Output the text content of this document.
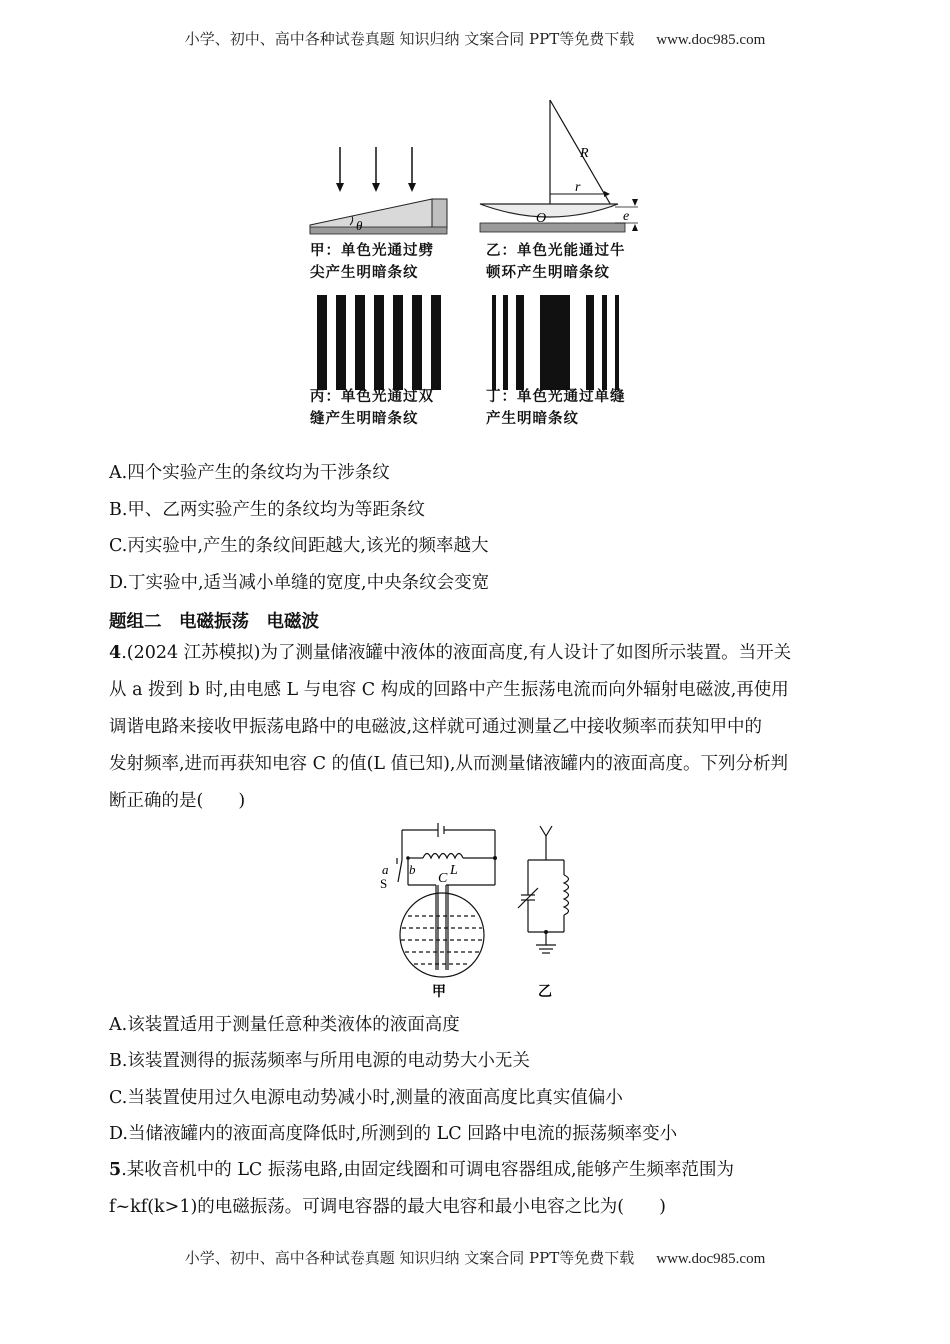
小学、初中、高中各种试卷真题 知识归纳 文案合同 PPT等免费下载 www.doc985.com
θ
R
r
O	e
甲：单色光通过劈
尖产生明暗条纹
乙：单色光能通过牛
顿环产生明暗条纹
丙：单色光通过双
缝产生明暗条纹
丁：单色光通过单缝
产生明暗条纹
A.四个实验产生的条纹均为干涉条纹
B.甲、乙两实验产生的条纹均为等距条纹
C.丙实验中,产生的条纹间距越大,该光的频率越大
D.丁实验中,适当减小单缝的宽度,中央条纹会变宽
题组二　电磁振荡　电磁波
4.(2024 江苏模拟)为了测量储液罐中液体的液面高度,有人设计了如图所示装置。当开关
从 a 拨到 b 时,由电感 L 与电容 C 构成的回路中产生振荡电流而向外辐射电磁波,再使用
调谐电路来接收甲振荡电路中的电磁波,这样就可通过测量乙中接收频率而获知甲中的
发射频率,进而再获知电容 C 的值(L 值已知),从而测量储液罐内的液面高度。下列分析判
断正确的是(　　)
a b
S
L
C
甲	乙
A.该装置适用于测量任意种类液体的液面高度
B.该装置测得的振荡频率与所用电源的电动势大小无关
C.当装置使用过久电源电动势减小时,测量的液面高度比真实值偏小
D.当储液罐内的液面高度降低时,所测到的 LC 回路中电流的振荡频率变小
5.某收音机中的 LC 振荡电路,由固定线圈和可调电容器组成,能够产生频率范围为
f~kf(k>1)的电磁振荡。可调电容器的最大电容和最小电容之比为(　　)
小学、初中、高中各种试卷真题 知识归纳 文案合同 PPT等免费下载 www.doc985.com
